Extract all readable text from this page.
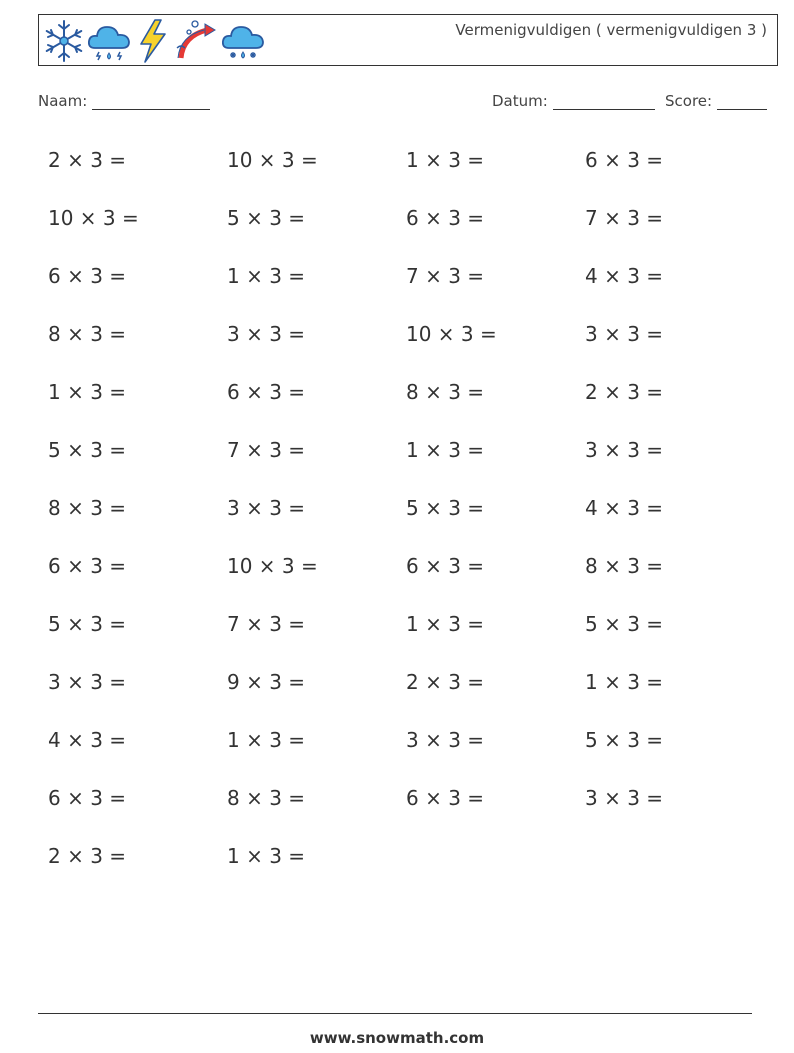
Vermenigvuldigen ( vermenigvuldigen 3 )
Naam:	Datum:	Score:
2 × 3 =	10 × 3 =	1 × 3 =	6 × 3 =
10 × 3 =	5 × 3 =	6 × 3 =	7 × 3 =
6 × 3 =	1 × 3 =	7 × 3 =	4 × 3 =
8 × 3 =	3 × 3 =	10 × 3 =	3 × 3 =
1 × 3 =	6 × 3 =	8 × 3 =	2 × 3 =
5 × 3 =	7 × 3 =	1 × 3 =	3 × 3 =
8 × 3 =	3 × 3 =	5 × 3 =	4 × 3 =
6 × 3 =	10 × 3 =	6 × 3 =	8 × 3 =
5 × 3 =	7 × 3 =	1 × 3 =	5 × 3 =
3 × 3 =	9 × 3 =	2 × 3 =	1 × 3 =
4 × 3 =	1 × 3 =	3 × 3 =	5 × 3 =
6 × 3 =	8 × 3 =	6 × 3 =	3 × 3 =
2 × 3 =	1 × 3 =
www.snowmath.com
